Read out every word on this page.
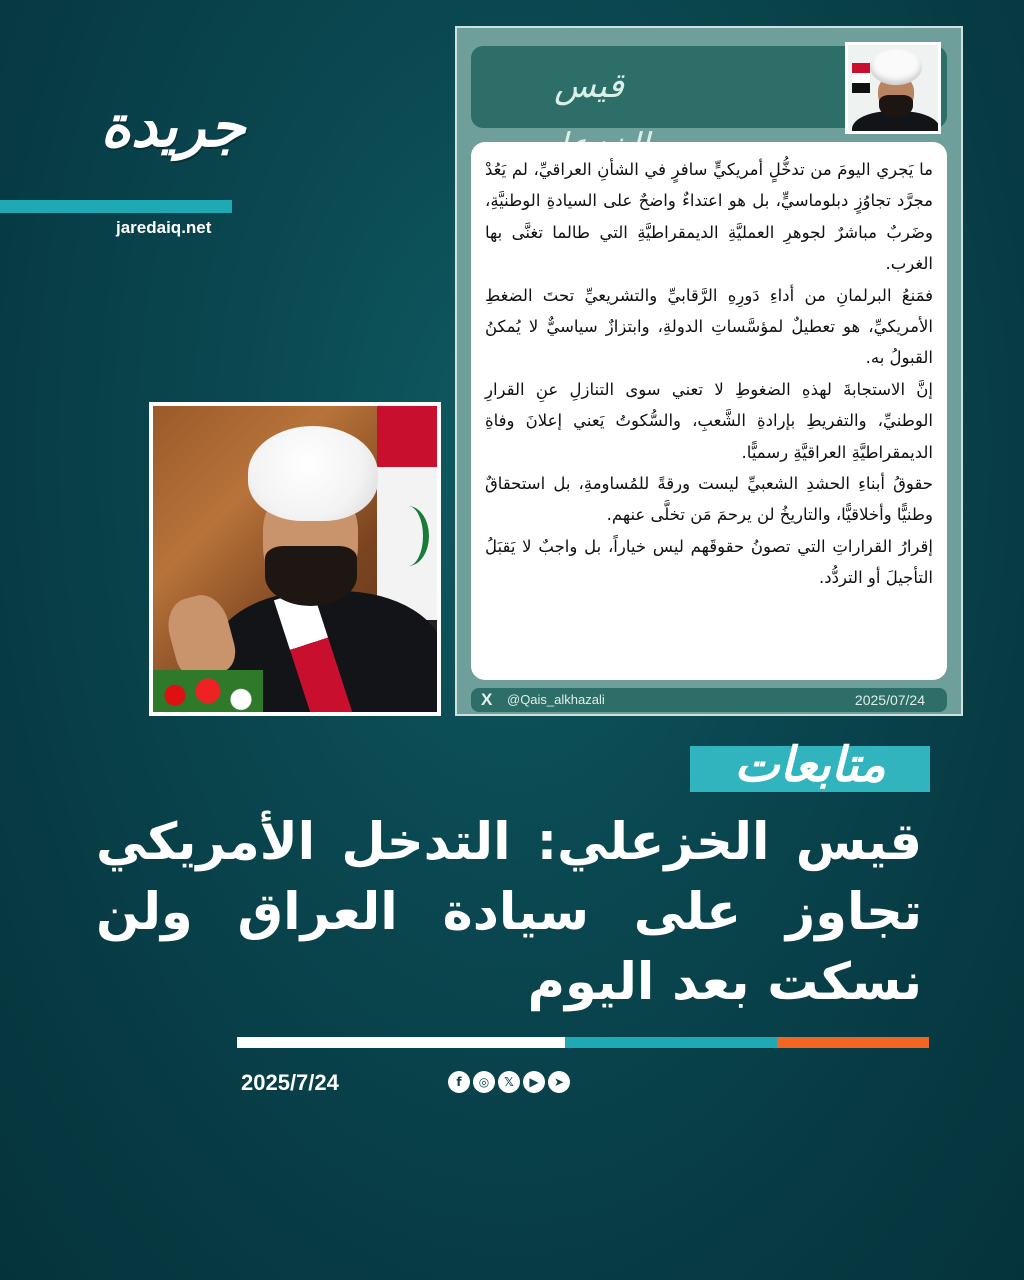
جريدة
jaredaiq.net
قيس

ما يَجري اليومَ من تدخُّلٍ أمريكيٍّ سافرٍ في الشأنِ العراقيِّ، لم يَعُدْ مجرَّد تجاوُزٍ دبلوماسيٍّ، بل هو اعتداءٌ واضحٌ على السيادةِ الوطنيَّةِ، وضَربٌ مباشرٌ لجوهرِ العمليَّةِ الديمقراطيَّةِ التي طالما تغنَّى بها الغرب.

فمَنعُ البرلمانِ من أداءِ دَورِهِ الرَّقابيِّ والتشريعيِّ تحتَ الضغطِ الأمريكيِّ، هو تعطيلٌ لمؤسَّساتِ الدولةِ، وابتزازٌ سياسيٌّ لا يُمكنُ القبولُ به.

إنَّ الاستجابةَ لهذهِ الضغوطِ لا تعني سوى التنازلِ عنِ القرارِ الوطنيِّ، والتفريطِ بإرادةِ الشَّعبِ، والسُّكوتُ يَعني إعلانَ وفاةِ الديمقراطيَّةِ العراقيَّةِ رسميًّا.

حقوقُ أبناءِ الحشدِ الشعبيِّ ليست ورقةً للمُساومةِ، بل استحقاقٌ وطنيًّا وأخلاقيًّا، والتاريخُ لن يرحمَ مَن تخلَّى عنهم.

إقرارُ القراراتِ التي تصونُ حقوقَهم ليس خياراً، بل واجبٌ لا يَقبَلُ التأجيلَ أو التردُّد.

X @Qais_alkhazali	2025/07/24
متابعات
قيس الخزعلي: التدخل الأمريكي تجاوز على سيادة العراق ولن نسكت بعد اليوم
2025/7/24	f	◎	𝕏	▶	➤
